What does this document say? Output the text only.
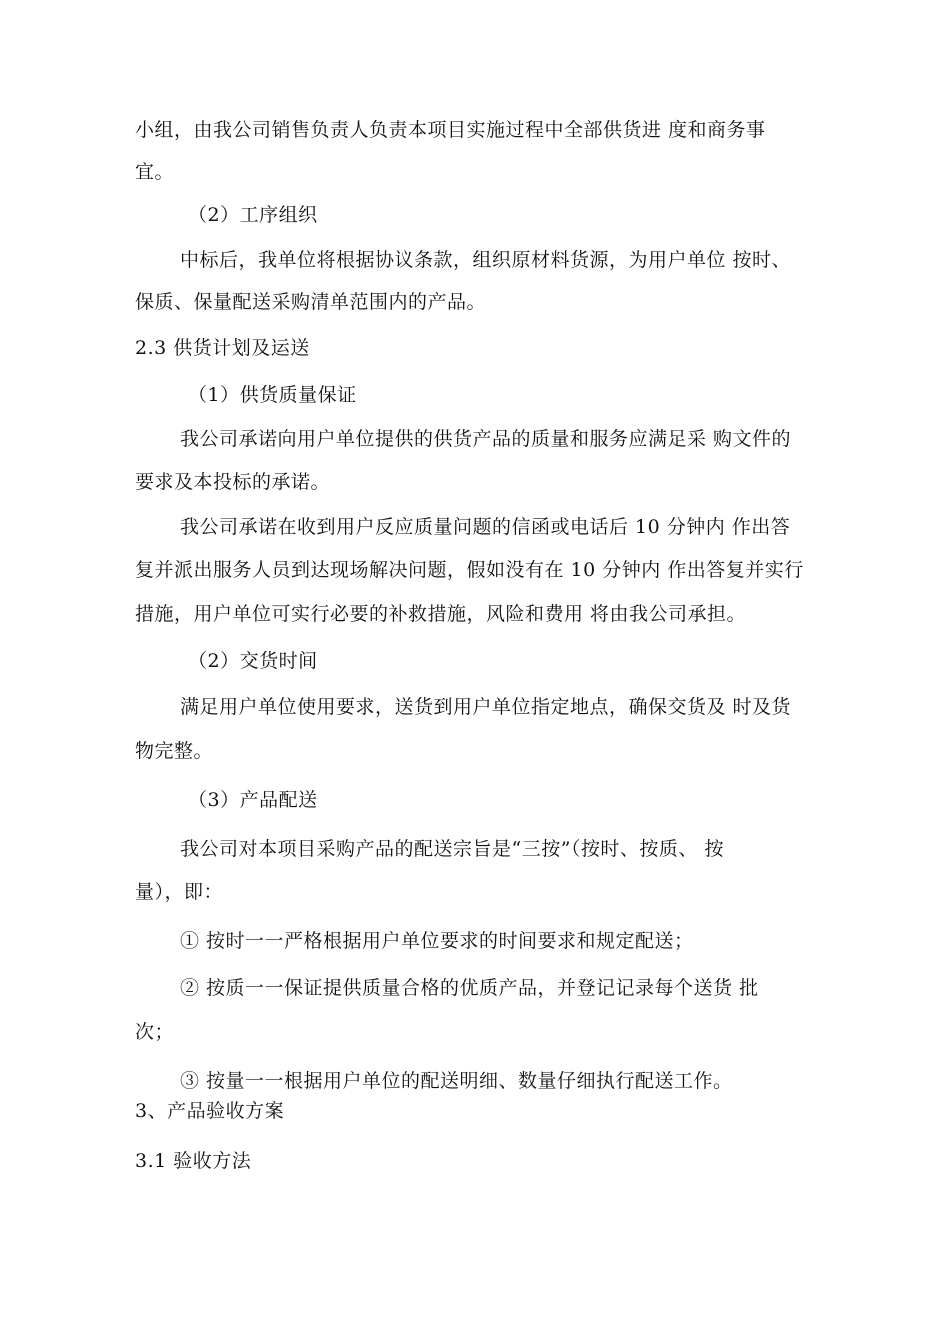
小组，由我公司销售负责人负责本项目实施过程中全部供货进 度和商务事
宜。
（2）工序组织
中标后，我单位将根据协议条款，组织原材料货源，为用户单位 按时、
保质、保量配送采购清单范围内的产品。
2.3 供货计划及运送
（1）供货质量保证
我公司承诺向用户单位提供的供货产品的质量和服务应满足采 购文件的
要求及本投标的承诺。
我公司承诺在收到用户反应质量问题的信函或电话后 10 分钟内 作出答
复并派出服务人员到达现场解决问题，假如没有在 10 分钟内 作出答复并实行
措施，用户单位可实行必要的补救措施，风险和费用 将由我公司承担。
（2）交货时间
满足用户单位使用要求，送货到用户单位指定地点，确保交货及 时及货
物完整。
（3）产品配送
我公司对本项目采购产品的配送宗旨是“三按”（按时、按质、 按
量），即：
① 按时一一严格根据用户单位要求的时间要求和规定配送；
② 按质一一保证提供质量合格的优质产品，并登记记录每个送货 批
次；
③ 按量一一根据用户单位的配送明细、数量仔细执行配送工作。
3、产品验收方案
3.1 验收方法
